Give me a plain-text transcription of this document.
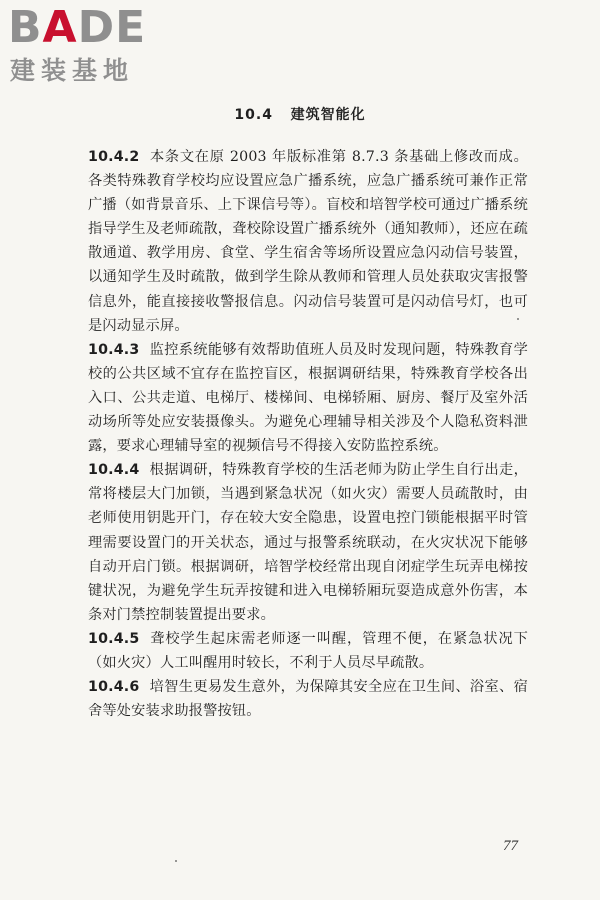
BADE
建装基地
10.4 建筑智能化

10.4.2 本条文在原 2003 年版标准第 8.7.3 条基础上修改而成。各类特殊教育学校均应设置应急广播系统，应急广播系统可兼作正常广播（如背景音乐、上下课信号等）。盲校和培智学校可通过广播系统指导学生及老师疏散，聋校除设置广播系统外（通知教师），还应在疏散通道、教学用房、食堂、学生宿舍等场所设置应急闪动信号装置，以通知学生及时疏散，做到学生除从教师和管理人员处获取灾害报警信息外，能直接接收警报信息。闪动信号装置可是闪动信号灯，也可是闪动显示屏。

10.4.3 监控系统能够有效帮助值班人员及时发现问题，特殊教育学校的公共区域不宜存在监控盲区，根据调研结果，特殊教育学校各出入口、公共走道、电梯厅、楼梯间、电梯轿厢、厨房、餐厅及室外活动场所等处应安装摄像头。为避免心理辅导相关涉及个人隐私资料泄露，要求心理辅导室的视频信号不得接入安防监控系统。

10.4.4 根据调研，特殊教育学校的生活老师为防止学生自行出走，常将楼层大门加锁，当遇到紧急状况（如火灾）需要人员疏散时，由老师使用钥匙开门，存在较大安全隐患，设置电控门锁能根据平时管理需要设置门的开关状态，通过与报警系统联动，在火灾状况下能够自动开启门锁。根据调研，培智学校经常出现自闭症学生玩弄电梯按键状况，为避免学生玩弄按键和进入电梯轿厢玩耍造成意外伤害，本条对门禁控制装置提出要求。

10.4.5 聋校学生起床需老师逐一叫醒，管理不便，在紧急状况下（如火灾）人工叫醒用时较长，不利于人员尽早疏散。

10.4.6 培智生更易发生意外，为保障其安全应在卫生间、浴室、宿舍等处安装求助报警按钮。

77
